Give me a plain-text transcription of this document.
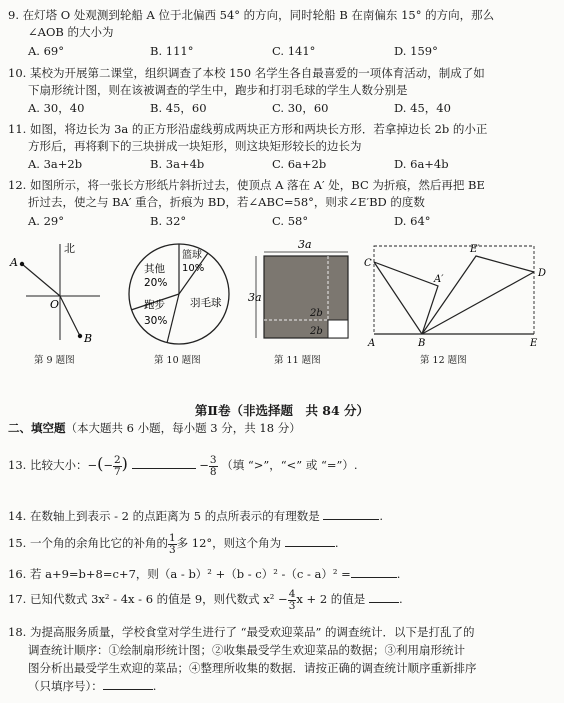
9. 在灯塔 O 处观测到轮船 A 位于北偏西 54° 的方向，同时轮船 B 在南偏东 15° 的方向，那么
∠AOB 的大小为
A. 69°	B. 111°	C. 141°	D. 159°
10. 某校为开展第二课堂，组织调查了本校 150 名学生各自最喜爱的一项体育活动，制成了如
下扇形统计图，则在该被调查的学生中，跑步和打羽毛球的学生人数分别是
A. 30，40	B. 45，60	C. 30，60	D. 45，40
11. 如图，将边长为 3a 的正方形沿虚线剪成两块正方形和两块长方形．若拿掉边长 2b 的小正
方形后，再将剩下的三块拼成一块矩形，则这块矩形较长的边长为
A. 3a+2b	B. 3a+4b	C. 6a+2b	D. 6a+4b
12. 如图所示，将一张长方形纸片斜折过去，使顶点 A 落在 A′ 处，BC 为折痕，然后再把 BE
折过去，使之与 BA′ 重合，折痕为 BD，若∠ABC=58°，则求∠E′BD 的度数
A. 29°	B. 32°	C. 58°	D. 64°
北
A
O
B
第 9 题图
其他
20%
篮球
10%
羽毛球
跑步
30%
第 10 题图
3a
3a
2b
2b
第 11 题图
C
E′
D
A′
A	B	E
第 12 题图
第Ⅱ卷（非选择题　共 84 分）
二、填空题（本大题共 6 小题，每小题 3 分，共 18 分）
13. 比较大小：−(− $\frac{2}{7}$ )	− $\frac{3}{8}$ （填 “>”，“<” 或 “=”）.
14. 在数轴上到表示 - 2 的点距离为 5 的点所表示的有理数是	.
15. 一个角的余角比它的补角的 $\frac{1}{3}$ 多 12°，则这个角为	.
16. 若 a+9=b+8=c+7，则（a - b）² +（b - c）² -（c - a）² =	.
17. 已知代数式 3x² - 4x - 6 的值是 9，则代数式 $x^2 - \frac{4}{3}$ x + 2 的值是	.
18. 为提高服务质量，学校食堂对学生进行了 “最受欢迎菜品” 的调查统计．以下是打乱了的
调查统计顺序：①绘制扇形统计图；②收集最受学生欢迎菜品的数据；③利用扇形统计
图分析出最受学生欢迎的菜品；④整理所收集的数据．请按正确的调查统计顺序重新排序
（只填序号）：	.
